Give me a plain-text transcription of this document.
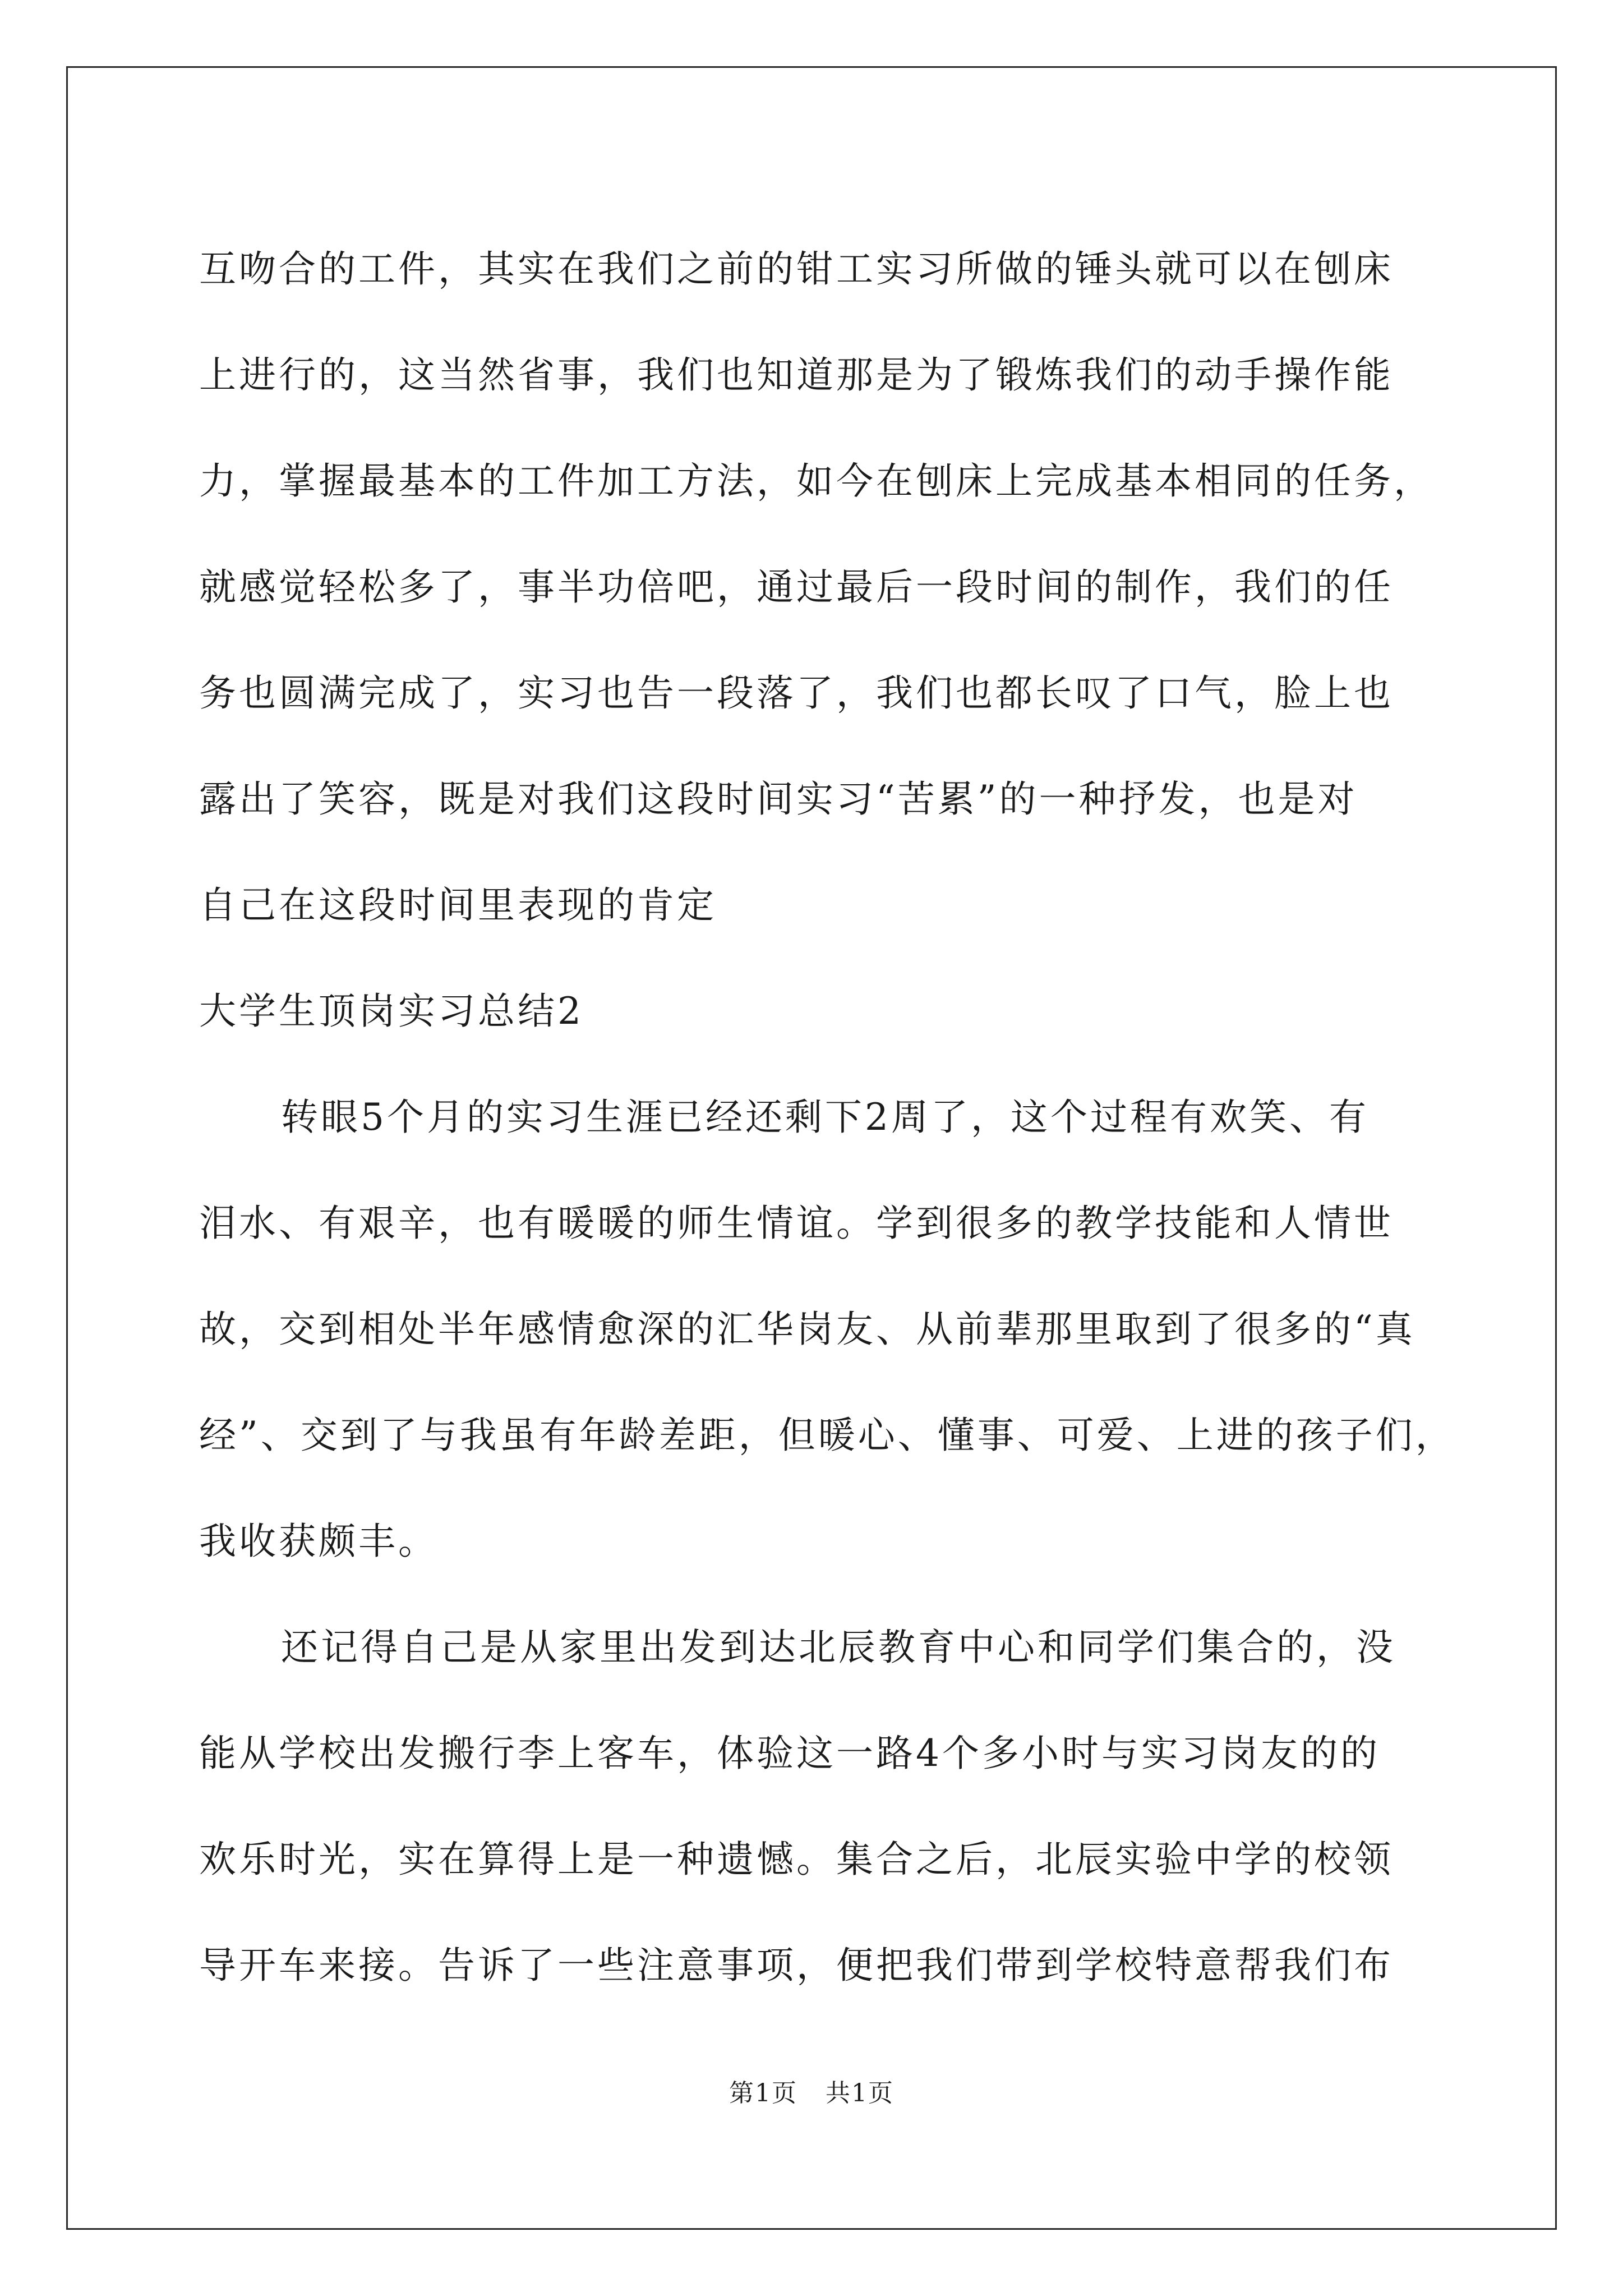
互吻合的工件，其实在我们之前的钳工实习所做的锤头就可以在刨床
上进行的，这当然省事，我们也知道那是为了锻炼我们的动手操作能
力，掌握最基本的工件加工方法，如今在刨床上完成基本相同的任务，
就感觉轻松多了，事半功倍吧，通过最后一段时间的制作，我们的任
务也圆满完成了，实习也告一段落了，我们也都长叹了口气，脸上也
露出了笑容，既是对我们这段时间实习“苦累”的一种抒发，也是对
自己在这段时间里表现的肯定
大学生顶岗实习总结2
转眼5个月的实习生涯已经还剩下2周了，这个过程有欢笑、有
泪水、有艰辛，也有暖暖的师生情谊。学到很多的教学技能和人情世
故，交到相处半年感情愈深的汇华岗友、从前辈那里取到了很多的“真
经”、交到了与我虽有年龄差距，但暖心、懂事、可爱、上进的孩子们，
我收获颇丰。
还记得自己是从家里出发到达北辰教育中心和同学们集合的，没
能从学校出发搬行李上客车，体验这一路4个多小时与实习岗友的的
欢乐时光，实在算得上是一种遗憾。集合之后，北辰实验中学的校领
导开车来接。告诉了一些注意事项，便把我们带到学校特意帮我们布
第1页 共1页
